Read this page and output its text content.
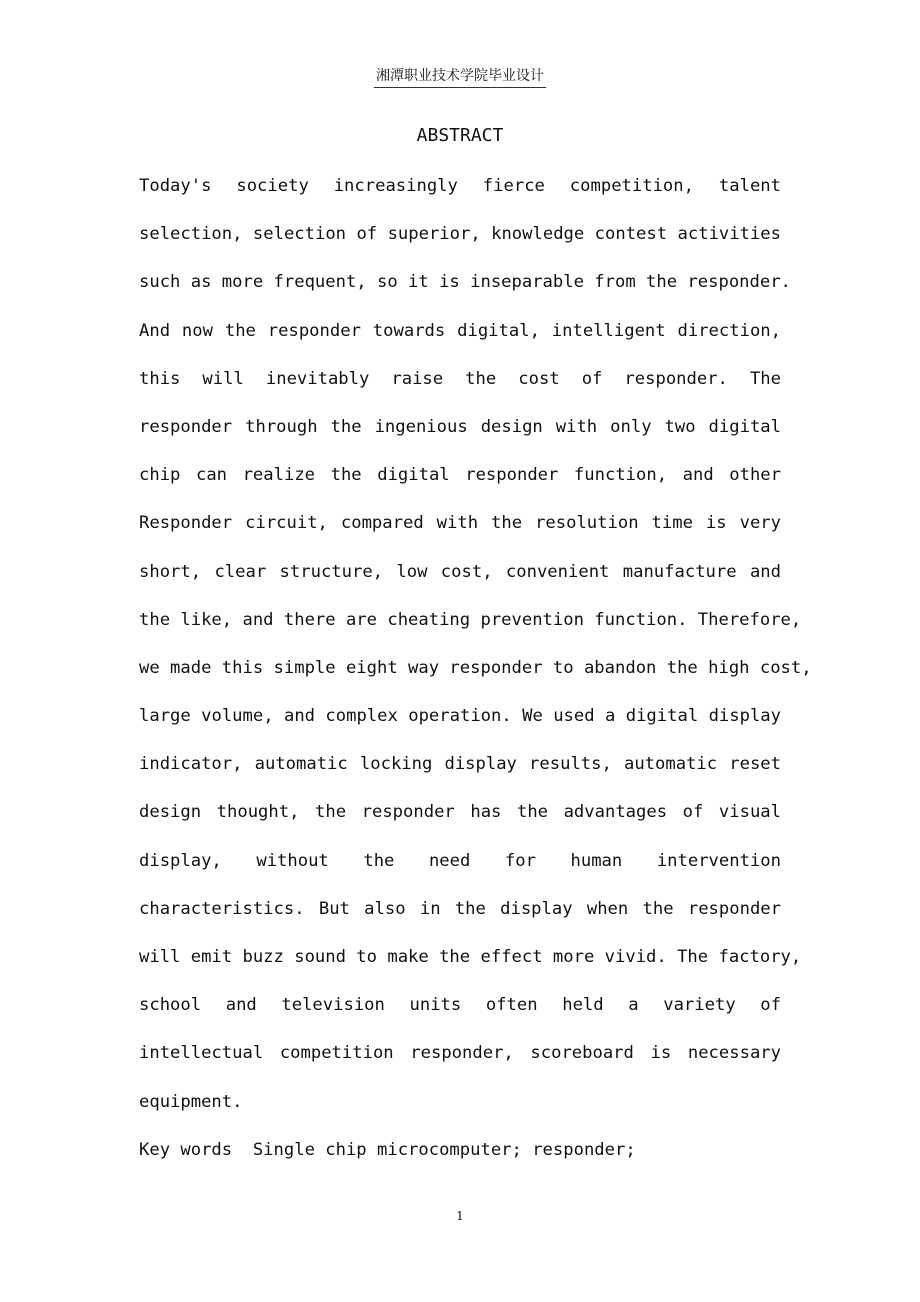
湘潭职业技术学院毕业设计
ABSTRACT
Today's society increasingly fierce competition, talent
selection, selection of superior, knowledge contest activities
such as more frequent, so it is inseparable from the responder.
And now the responder towards digital, intelligent direction,
this will inevitably raise the cost of responder. The
responder through the ingenious design with only two digital
chip can realize the digital responder function, and other
Responder circuit, compared with the resolution time is very
short, clear structure, low cost, convenient manufacture and
the like, and there are cheating prevention function. Therefore,
we made this simple eight way responder to abandon the high cost,
large volume, and complex operation. We used a digital display
indicator, automatic locking display results, automatic reset
design thought, the responder has the advantages of visual
display, without the need for human intervention
characteristics. But also in the display when the responder
will emit buzz sound to make the effect more vivid. The factory,
school and television units often held a variety of
intellectual competition responder, scoreboard is necessary
equipment.
Key words  Single chip microcomputer; responder;
1
